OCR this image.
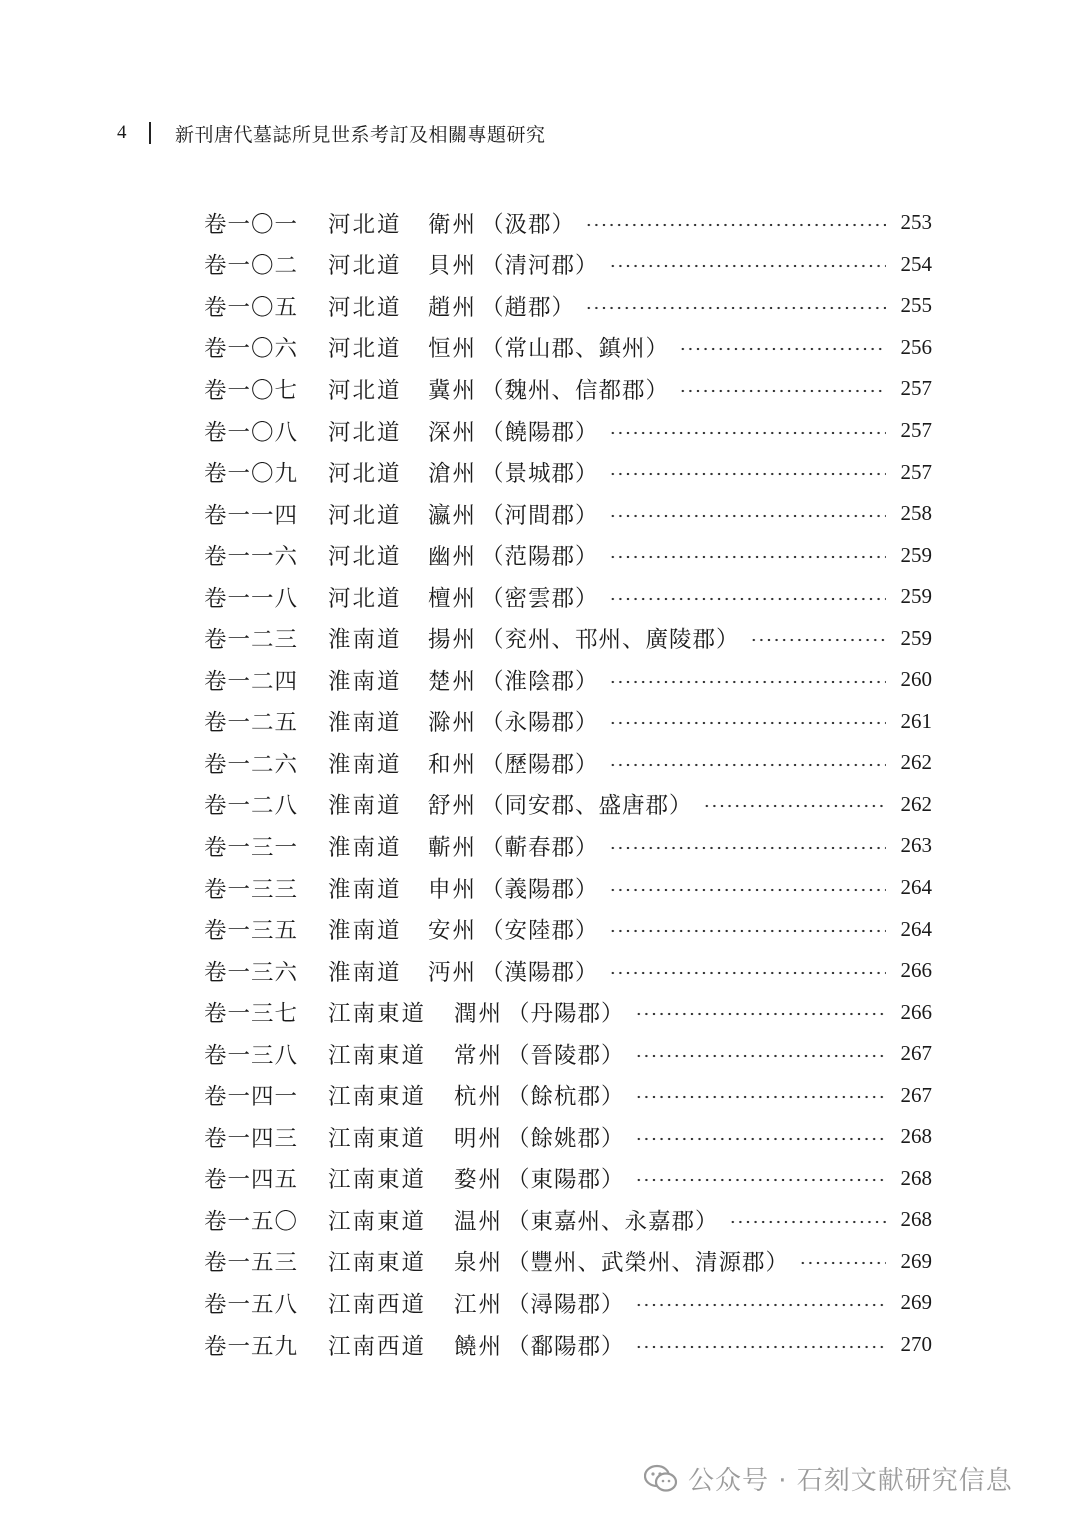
4	新刊唐代墓誌所見世系考訂及相關專題研究
卷一〇一	河北道	衛州 （汲郡）	253
卷一〇二	河北道	貝州 （清河郡）	254
卷一〇五	河北道	趙州 （趙郡）	255
卷一〇六	河北道	恒州 （常山郡、鎮州）	256
卷一〇七	河北道	冀州 （魏州、信都郡）	257
卷一〇八	河北道	深州 （饒陽郡）	257
卷一〇九	河北道	滄州 （景城郡）	257
卷一一四	河北道	瀛州 （河間郡）	258
卷一一六	河北道	幽州 （范陽郡）	259
卷一一八	河北道	檀州 （密雲郡）	259
卷一二三	淮南道	揚州 （兖州、邗州、廣陵郡）	259
卷一二四	淮南道	楚州 （淮陰郡）	260
卷一二五	淮南道	滁州 （永陽郡）	261
卷一二六	淮南道	和州 （歷陽郡）	262
卷一二八	淮南道	舒州 （同安郡、盛唐郡）	262
卷一三一	淮南道	蘄州 （蘄春郡）	263
卷一三三	淮南道	申州 （義陽郡）	264
卷一三五	淮南道	安州 （安陸郡）	264
卷一三六	淮南道	沔州 （漢陽郡）	266
卷一三七	江南東道	潤州 （丹陽郡）	266
卷一三八	江南東道	常州 （晉陵郡）	267
卷一四一	江南東道	杭州 （餘杭郡）	267
卷一四三	江南東道	明州 （餘姚郡）	268
卷一四五	江南東道	婺州 （東陽郡）	268
卷一五〇	江南東道	温州 （東嘉州、永嘉郡）	268
卷一五三	江南東道	泉州 （豐州、武榮州、清源郡）	269
卷一五八	江南西道	江州 （潯陽郡）	269
卷一五九	江南西道	饒州 （鄱陽郡）	270
公众号 · 石刻文献研究信息
